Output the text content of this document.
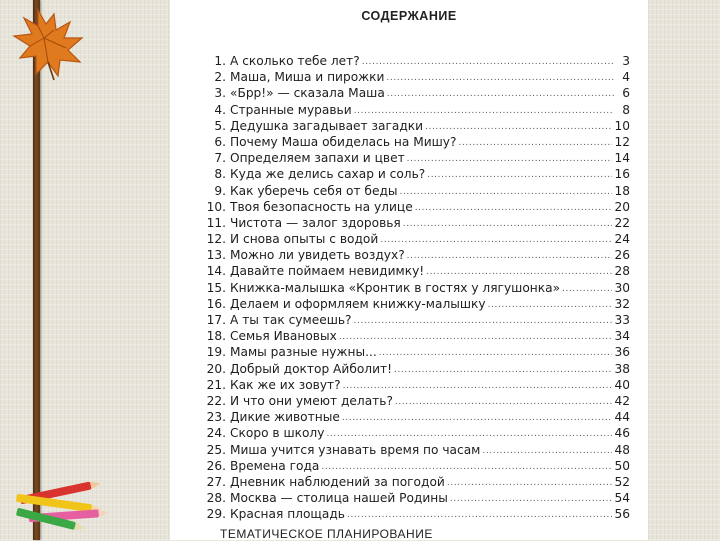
СОДЕРЖАНИЕ
1. А сколько тебе лет? .....	3
2. Маша, Миша и пирожки .....	4
3. «Брр!» — сказала Маша .....	6
4. Странные муравьи .....	8
5. Дедушка загадывает загадки .....	10
6. Почему Маша обиделась на Мишу? .....	12
7. Определяем запахи и цвет .....	14
8. Куда же делись сахар и соль? .....	16
9. Как уберечь себя от беды .....	18
10. Твоя безопасность на улице .....	20
11. Чистота — залог здоровья .....	22
12. И снова опыты с водой .....	24
13. Можно ли увидеть воздух? .....	26
14. Давайте поймаем невидимку! .....	28
15. Книжка-малышка «Кронтик в гостях у лягушонка» .....	30
16. Делаем и оформляем книжку-малышку .....	32
17. А ты так сумеешь? .....	33
18. Семья Ивановых .....	34
19. Мамы разные нужны... .....	36
20. Добрый доктор Айболит! .....	38
21. Как же их зовут? .....	40
22. И что они умеют делать? .....	42
23. Дикие животные .....	44
24. Скоро в школу .....	46
25. Миша учится узнавать время по часам .....	48
26. Времена года .....	50
27. Дневник наблюдений за погодой .....	52
28. Москва — столица нашей Родины .....	54
29. Красная площадь .....	56
ТЕМАТИЧЕСКОЕ ПЛАНИРОВАНИЕ
